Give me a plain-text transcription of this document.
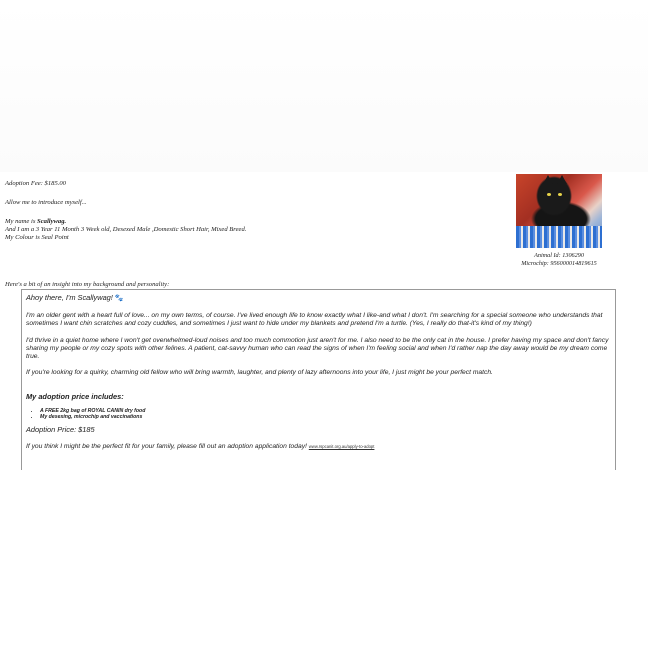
Adoption Fee: $185.00
Allow me to introduce myself...
My name is Scallywag.
And I am a 3 Year 11 Month 3 Week old, Desexed Male ,Domestic Short Hair, Mixed Breed.
My Colour is Seal Point
Here's a bit of an insight into my background and personality:
Animal Id: 1306290
Microchip: 956000014819615

Ahoy there, I'm Scallywag! 🐾

I'm an older gent with a heart full of love... on my own terms, of course. I've lived enough life to know exactly what I like-and what I don't. I'm searching for a special someone who understands that sometimes I want chin scratches and cozy cuddles, and sometimes I just want to hide under my blankets and pretend I'm a turtle. (Yes, I really do that-it's kind of my thing!)

I'd thrive in a quiet home where I won't get overwhelmed-loud noises and too much commotion just aren't for me. I also need to be the only cat in the house. I prefer having my space and don't fancy sharing my people or my cozy spots with other felines. A patient, cat-savvy human who can read the signs of when I'm feeling social and when I'd rather nap the day away would be my dream come true.

If you're looking for a quirky, charming old fellow who will bring warmth, laughter, and plenty of lazy afternoons into your life, I just might be your perfect match.

My adoption price includes:

• A FREE 2kg bag of ROYAL CANIN dry food
• My desexing, microchip and vaccinations

Adoption Price: $185

If you think I might be the perfect fit for your family, please fill out an adoption application today! www.rspcanit.org.au/apply-to-adopt
